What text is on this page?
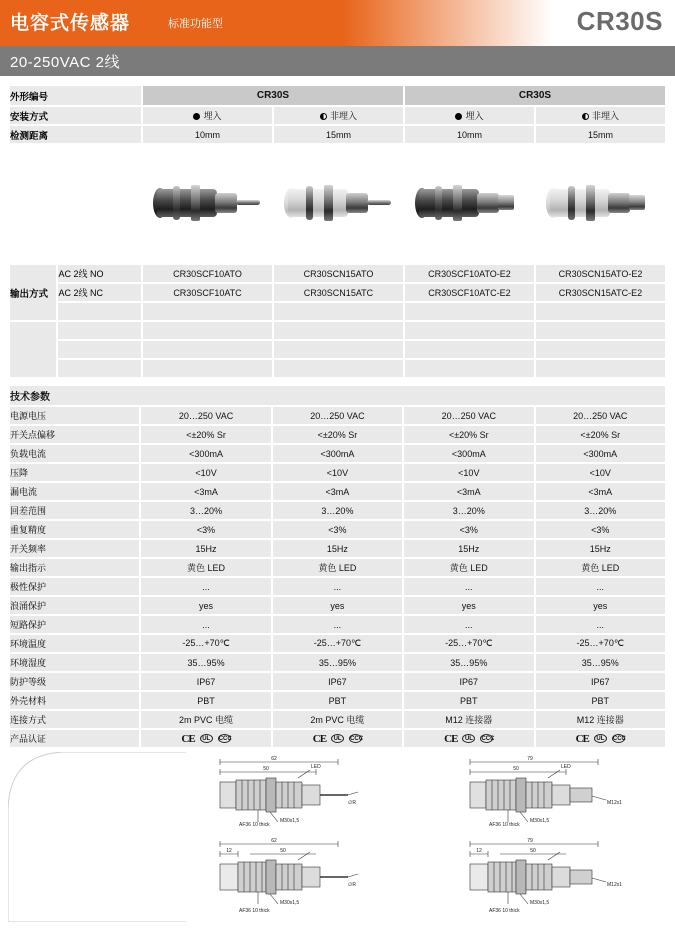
电容式传感器	标准功能型	CR30S
20-250VAC 2线
外形编号		CR30S		CR30S	
安装方式		埋入	非埋入	埋入	非埋入
检测距离		10mm	15mm	10mm	15mm

输出方式	AC 2线 NO	CR30SCF10ATO	CR30SCN15ATO	CR30SCF10ATO-E2	CR30SCN15ATO-E2
	AC 2线 NC	CR30SCF10ATC	CR30SCN15ATC	CR30SCF10ATC-E2	CR30SCN15ATC-E2

技术参数				
电源电压	20…250 VAC	20…250 VAC	20…250 VAC	20…250 VAC
开关点偏移	<±20% Sr	<±20% Sr	<±20% Sr	<±20% Sr
负载电流	<300mA	<300mA	<300mA	<300mA
压降	<10V	<10V	<10V	<10V
漏电流	<3mA	<3mA	<3mA	<3mA
回差范围	3…20%	3…20%	3…20%	3…20%
重复精度	<3%	<3%	<3%	<3%
开关频率	15Hz	15Hz	15Hz	15Hz
输出指示	黄色 LED	黄色 LED	黄色 LED	黄色 LED
极性保护	...	...	...	...
浪涌保护	yes	yes	yes	yes
短路保护	...	...	...	...
环境温度	-25…+70℃	-25…+70℃	-25…+70℃	-25…+70℃
环境湿度	35…95%	35…95%	35…95%	35…95%
防护等级	IP67	IP67	IP67	IP67
外壳材料	PBT	PBT	PBT	PBT
连接方式	2m PVC 电缆	2m PVC 电缆	M12 连接器	M12 连接器
产品认证	CE UL CCC	CE UL CCC	CE UL CCC	CE UL CCC
62
50	LED
∅R
AF36 10 thick
M30x1,5
79
50	LED
M12x1
AF36 10 thick
M30x1,5
62
12	50
∅R
AF36 10 thick
M30x1,5
79
12	50
M12x1
AF36 10 thick
M30x1,5
